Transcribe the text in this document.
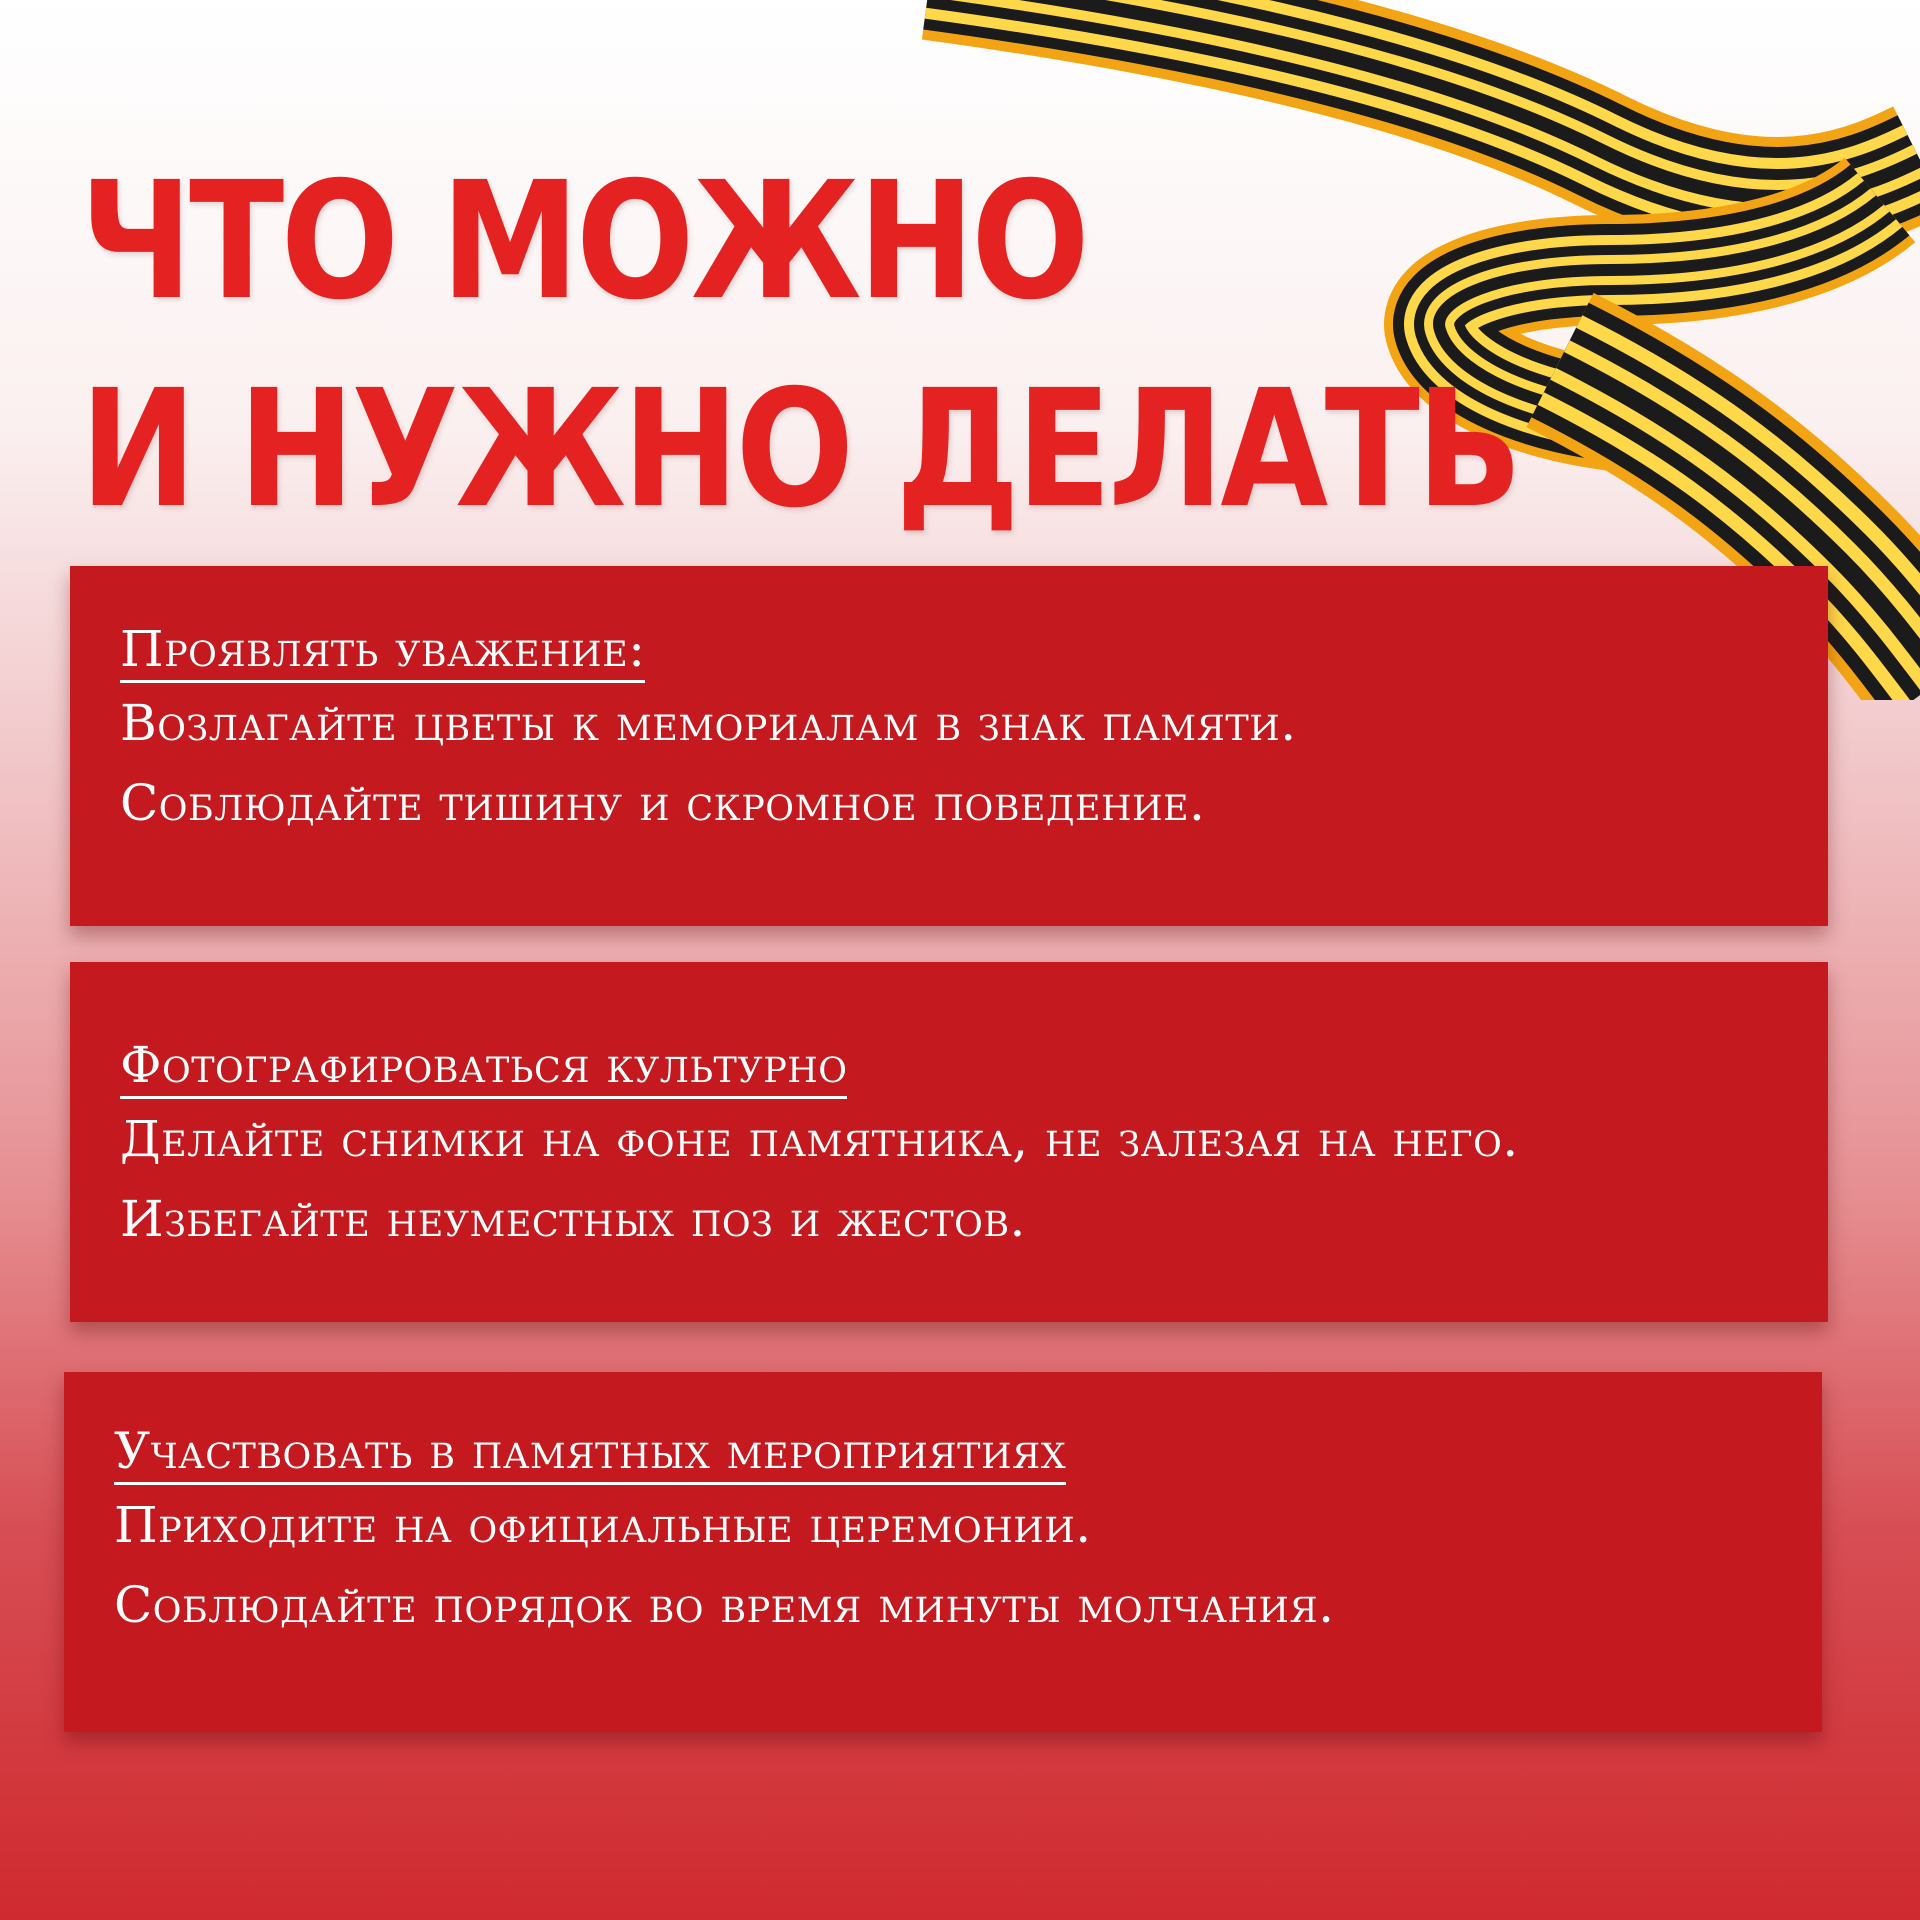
ЧТО МОЖНО
И НУЖНО ДЕЛАТЬ
Проявлять уважение:
Возлагайте цветы к мемориалам в знак памяти.
Соблюдайте тишину и скромное поведение.
Фотографироваться культурно
Делайте снимки на фоне памятника, не залезая на него.
Избегайте неуместных поз и жестов.
Участвовать в памятных мероприятиях
Приходите на официальные церемонии.
Соблюдайте порядок во время минуты молчания.
